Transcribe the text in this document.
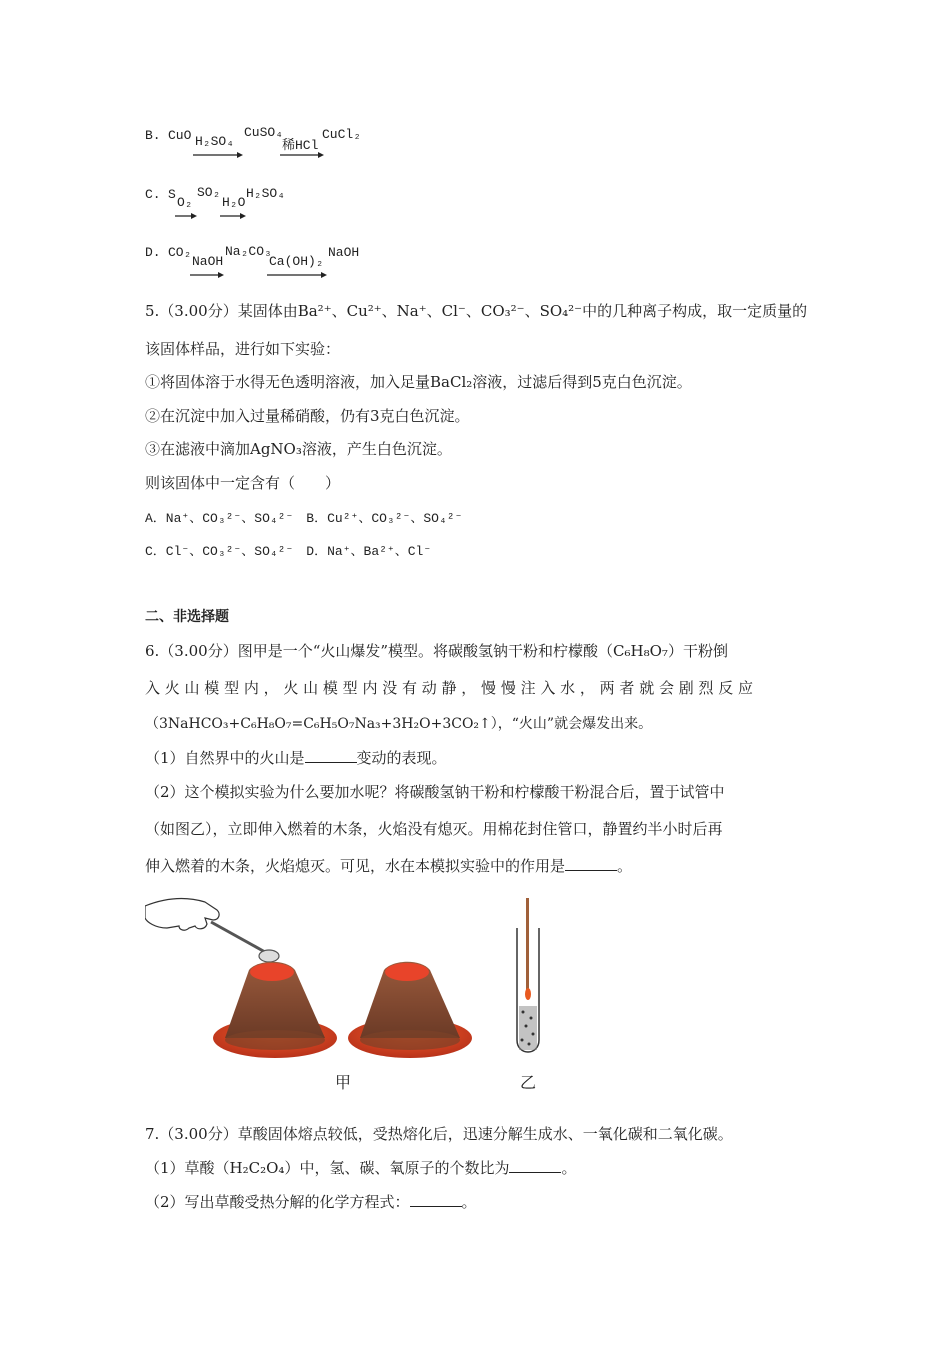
B. CuO H₂SO₄
CuSO₄
稀HCl
CuCl₂
C. S
O₂
SO₂
H₂O
H₂SO₄
D. CO₂
NaOH
Na₂CO₃
Ca(OH)₂
NaOH
5.（3.00分）某固体由Ba²⁺、Cu²⁺、Na⁺、Cl⁻、CO₃²⁻、SO₄²⁻中的几种离子构成，取一定质量的
该固体样品，进行如下实验：
①将固体溶于水得无色透明溶液，加入足量BaCl₂溶液，过滤后得到5克白色沉淀。
②在沉淀中加入过量稀硝酸，仍有3克白色沉淀。
③在滤液中滴加AgNO₃溶液，产生白色沉淀。
则该固体中一定含有（　　）
A．Na⁺、CO₃²⁻、SO₄²⁻　B．Cu²⁺、CO₃²⁻、SO₄²⁻
C．Cl⁻、CO₃²⁻、SO₄²⁻　D．Na⁺、Ba²⁺、Cl⁻
二、非选择题
6.（3.00分）图甲是一个“火山爆发”模型。将碳酸氢钠干粉和柠檬酸（C₆H₈O₇）干粉倒
入 火 山 模 型 内 ， 火 山 模 型 内 没 有 动 静 ， 慢 慢 注 入 水 ， 两 者 就 会 剧 烈 反 应
（3NaHCO₃+C₆H₈O₇=C₆H₅O₇Na₃+3H₂O+3CO₂↑），“火山”就会爆发出来。
（1）自然界中的火山是	变动的表现。
（2）这个模拟实验为什么要加水呢？将碳酸氢钠干粉和柠檬酸干粉混合后，置于试管中
（如图乙），立即伸入燃着的木条，火焰没有熄灭。用棉花封住管口，静置约半小时后再
伸入燃着的木条，火焰熄灭。可见，水在本模拟实验中的作用是	。
甲	乙
7.（3.00分）草酸固体熔点较低，受热熔化后，迅速分解生成水、一氧化碳和二氧化碳。
（1）草酸（H₂C₂O₄）中，氢、碳、氧原子的个数比为	。
（2）写出草酸受热分解的化学方程式：	。
